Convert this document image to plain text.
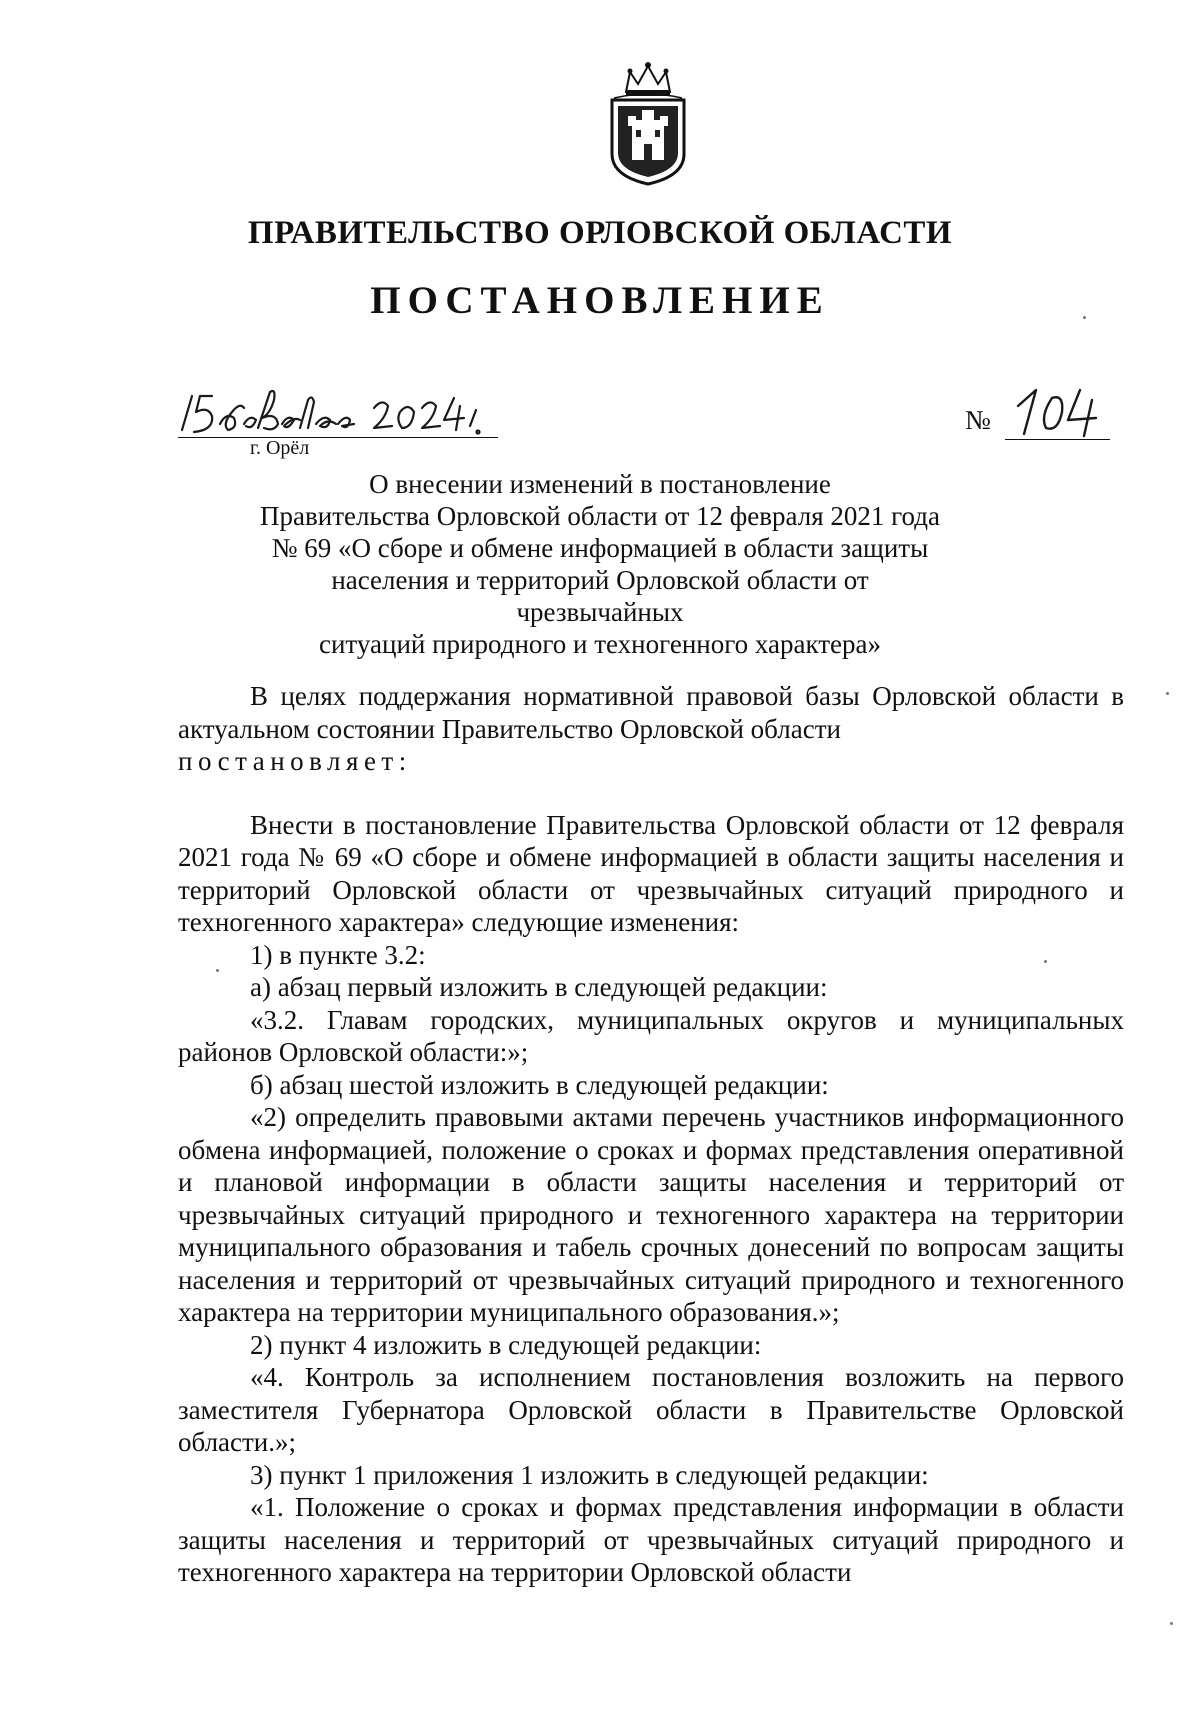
ПРАВИТЕЛЬСТВО ОРЛОВСКОЙ ОБЛАСТИ
ПОСТАНОВЛЕНИЕ
г. Орёл
№
О внесении изменений в постановление
Правительства Орловской области от 12 февраля 2021 года
№ 69 «О сборе и обмене информацией в области защиты
населения и территорий Орловской области от чрезвычайных
ситуаций природного и техногенного характера»

В целях поддержания нормативной правовой базы Орловской области в актуальном состоянии Правительство Орловской области

постановляет:

Внести в постановление Правительства Орловской области от 12 февраля 2021 года № 69 «О сборе и обмене информацией в области защиты населения и территорий Орловской области от чрезвычайных ситуаций природного и техногенного характера» следующие изменения:

1) в пункте 3.2:

а) абзац первый изложить в следующей редакции:

«3.2. Главам городских, муниципальных округов и муниципальных районов Орловской области:»;

б) абзац шестой изложить в следующей редакции:

«2) определить правовыми актами перечень участников информационного обмена информацией, положение о сроках и формах представления оперативной и плановой информации в области защиты населения и территорий от чрезвычайных ситуаций природного и техногенного характера на территории муниципального образования и табель срочных донесений по вопросам защиты населения и территорий от чрезвычайных ситуаций природного и техногенного характера на территории муниципального образования.»;

2) пункт 4 изложить в следующей редакции:

«4. Контроль за исполнением постановления возложить на первого заместителя Губернатора Орловской области в Правительстве Орловской области.»;

3) пункт 1 приложения 1 изложить в следующей редакции:

«1. Положение о сроках и формах представления информации в области защиты населения и территорий от чрезвычайных ситуаций природного и техногенного характера на территории Орловской области
